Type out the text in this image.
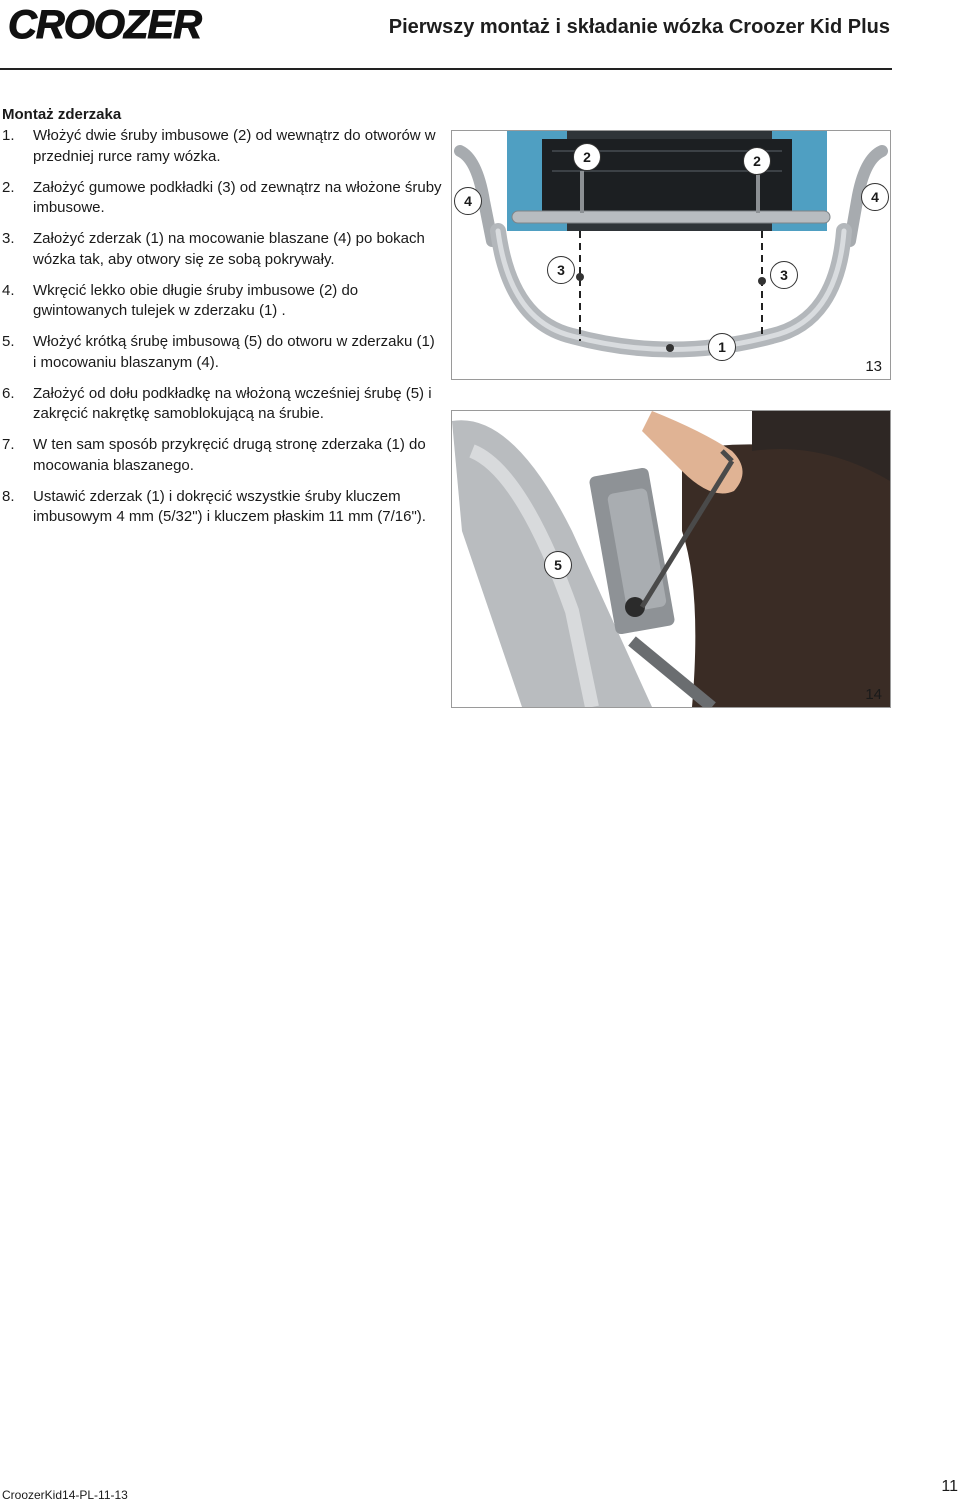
CROOZER	Pierwszy montaż i składanie wózka Croozer Kid Plus
Montaż zderzaka
1.	Włożyć dwie śruby imbusowe (2) od wewnątrz do otworów w przedniej rurce ramy wózka.
2.	Założyć gumowe podkładki (3) od zewnątrz na włożone śruby imbusowe.
3.	Założyć zderzak (1) na mocowanie blaszane (4) po bokach wózka tak, aby otwory się ze sobą pokrywały.
4.	Wkręcić lekko obie długie śruby imbusowe (2) do gwintowanych tulejek w zderzaku (1) .
5.	Włożyć krótką śrubę imbusową (5) do otworu w zderzaku (1) i mocowaniu blaszanym (4).
6.	Założyć od dołu podkładkę na włożoną wcześniej śrubę (5) i zakręcić nakrętkę samoblokującą na śrubie.
7.	W ten sam sposób przykręcić drugą stronę zderzaka (1) do mocowania blaszanego.
8.	Ustawić zderzak (1) i dokręcić wszystkie śruby kluczem imbusowym 4 mm (5/32") i kluczem płaskim 11 mm (7/16").
2	2
4	4
3	3
1
13
5
14
CroozerKid14-PL-11-13	11
